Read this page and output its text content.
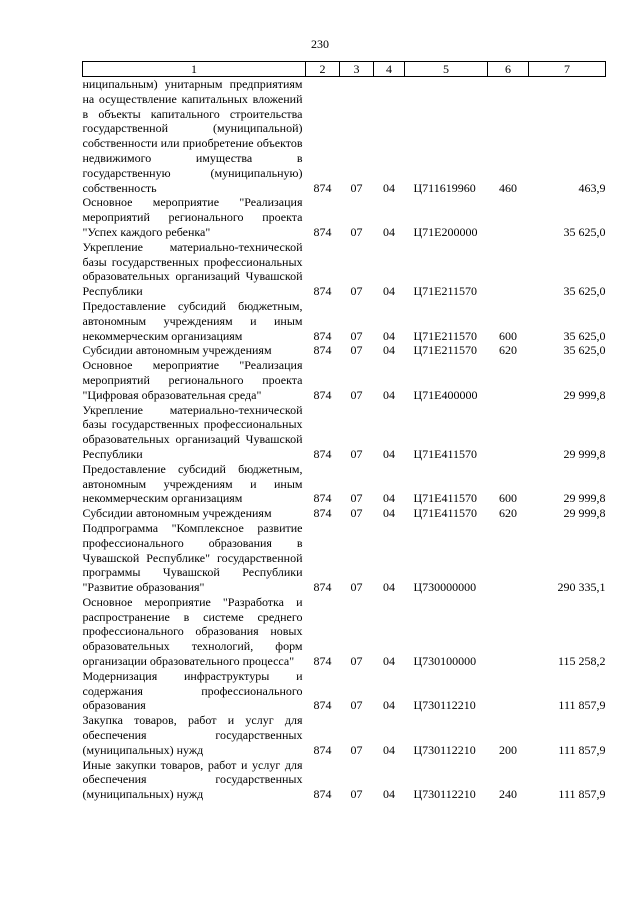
230
1	2	3	4	5	6	7
ниципальным) унитарным предприятиям на осуществление капитальных вложений в объекты капитального строительства государственной (муниципальной) собственности или приобретение объектов недвижимого имущества в государственную (муниципальную) собственность	874	07	04	Ц711619960	460	463,9
Основное мероприятие "Реализация мероприятий регионального проекта "Успех каждого ребенка"	874	07	04	Ц71Е200000		35 625,0
Укрепление материально-технической базы государственных профессиональных образовательных организаций Чувашской Республики	874	07	04	Ц71Е211570		35 625,0
Предоставление субсидий бюджетным, автономным учреждениям и иным некоммерческим организациям	874	07	04	Ц71Е211570	600	35 625,0
Субсидии автономным учреждениям	874	07	04	Ц71Е211570	620	35 625,0
Основное мероприятие "Реализация мероприятий регионального проекта "Цифровая образовательная среда"	874	07	04	Ц71Е400000		29 999,8
Укрепление материально-технической базы государственных профессиональных образовательных организаций Чувашской Республики	874	07	04	Ц71Е411570		29 999,8
Предоставление субсидий бюджетным, автономным учреждениям и иным некоммерческим организациям	874	07	04	Ц71Е411570	600	29 999,8
Субсидии автономным учреждениям	874	07	04	Ц71Е411570	620	29 999,8
Подпрограмма "Комплексное развитие профессионального образования в Чувашской Республике" государственной программы Чувашской Республики "Развитие образования"	874	07	04	Ц730000000		290 335,1
Основное мероприятие "Разработка и распространение в системе среднего профессионального образования новых образовательных технологий, форм организации образовательного процесса"	874	07	04	Ц730100000		115 258,2
Модернизация инфраструктуры и содержания профессионального образования	874	07	04	Ц730112210		111 857,9
Закупка товаров, работ и услуг для обеспечения государственных (муниципальных) нужд	874	07	04	Ц730112210	200	111 857,9
Иные закупки товаров, работ и услуг для обеспечения государственных (муниципальных) нужд	874	07	04	Ц730112210	240	111 857,9
